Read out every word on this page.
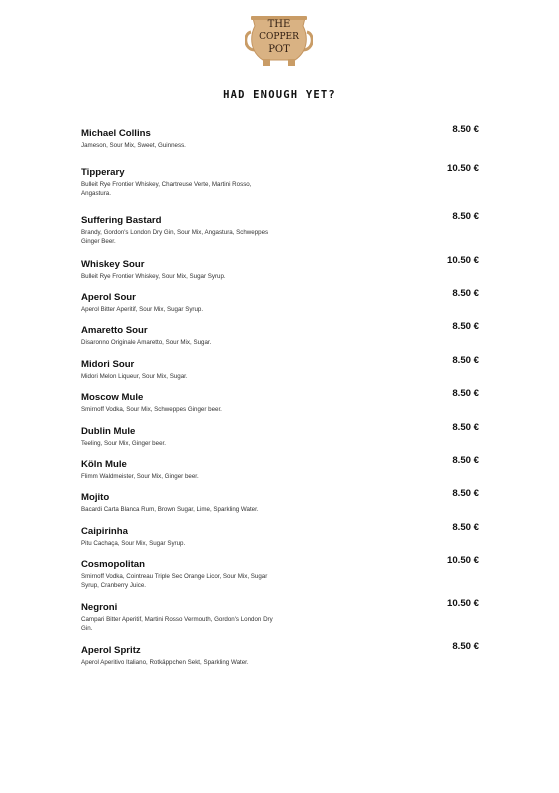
THE
COPPER
POT
HAD ENOUGH YET?
Michael Collins	8.50 €
Jameson, Sour Mix, Sweet, Guinness.
Tipperary	10.50 €
Bulleit Rye Frontier Whiskey, Chartreuse Verte, Martini Rosso, Angastura.
Suffering Bastard	8.50 €
Brandy, Gordon's London Dry Gin, Sour Mix, Angastura, Schweppes Ginger Beer.
Whiskey Sour	10.50 €
Bulleit Rye Frontier Whiskey, Sour Mix, Sugar Syrup.
Aperol Sour	8.50 €
Aperol Bitter Aperitif, Sour Mix, Sugar Syrup.
Amaretto Sour	8.50 €
Disaronno Originale Amaretto, Sour Mix, Sugar.
Midori Sour	8.50 €
Midori Melon Liqueur, Sour Mix, Sugar.
Moscow Mule	8.50 €
Smirnoff Vodka, Sour Mix, Schweppes Ginger beer.
Dublin Mule	8.50 €
Teeling, Sour Mix, Ginger beer.
Köln Mule	8.50 €
Flimm Waldmeister, Sour Mix, Ginger beer.
Mojito	8.50 €
Bacardi Carta Blanca Rum, Brown Sugar, Lime, Sparkling Water.
Caipirinha	8.50 €
Pitu Cachaça, Sour Mix, Sugar Syrup.
Cosmopolitan	10.50 €
Smirnoff Vodka, Cointreau Triple Sec Orange Licor, Sour Mix, Sugar Syrup, Cranberry Juice.
Negroni	10.50 €
Campari Bitter Aperitif, Martini Rosso Vermouth, Gordon's London Dry Gin.
Aperol Spritz	8.50 €
Aperol Aperitivo Italiano, Rotkäppchen Sekt, Sparkling Water.
